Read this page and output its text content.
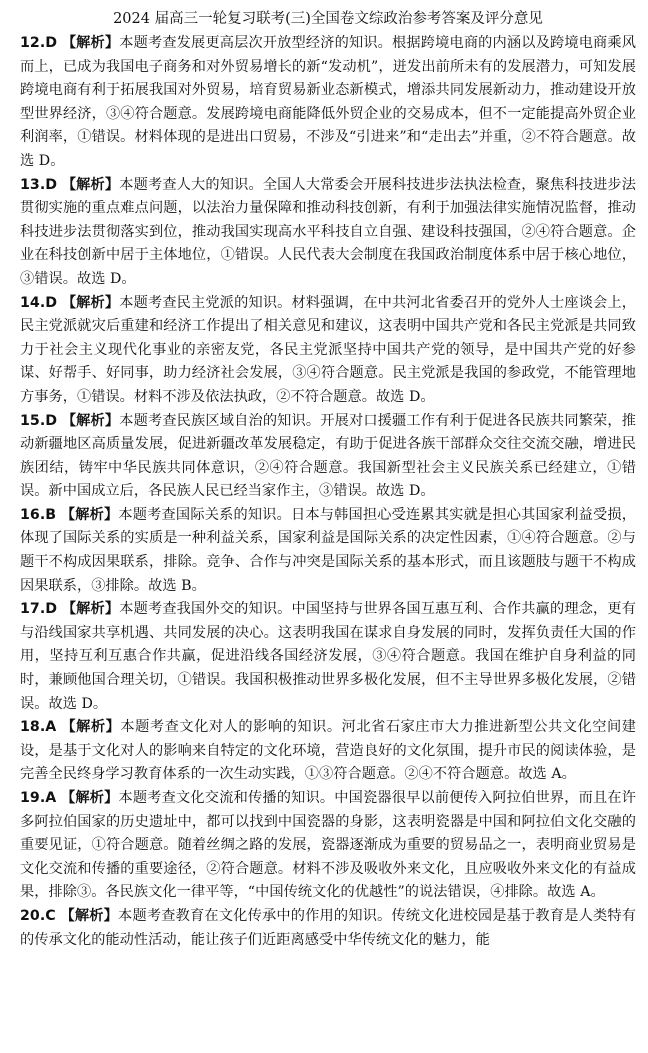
2024 届高三一轮复习联考(三)全国卷文综政治参考答案及评分意见

12.D 【解析】本题考查发展更高层次开放型经济的知识。根据跨境电商的内涵以及跨境电商乘风而上，已成为我国电子商务和对外贸易增长的新“发动机”，迸发出前所未有的发展潜力，可知发展跨境电商有利于拓展我国对外贸易，培育贸易新业态新模式，增添共同发展新动力，推动建设开放型世界经济，③④符合题意。发展跨境电商能降低外贸企业的交易成本，但不一定能提高外贸企业利润率，①错误。材料体现的是进出口贸易，不涉及“引进来”和“走出去”并重，②不符合题意。故选 D。

13.D 【解析】本题考查人大的知识。全国人大常委会开展科技进步法执法检查，聚焦科技进步法贯彻实施的重点难点问题，以法治力量保障和推动科技创新，有利于加强法律实施情况监督，推动科技进步法贯彻落实到位，推动我国实现高水平科技自立自强、建设科技强国，②④符合题意。企业在科技创新中居于主体地位，①错误。人民代表大会制度在我国政治制度体系中居于核心地位，③错误。故选 D。

14.D 【解析】本题考查民主党派的知识。材料强调，在中共河北省委召开的党外人士座谈会上，民主党派就灾后重建和经济工作提出了相关意见和建议，这表明中国共产党和各民主党派是共同致力于社会主义现代化事业的亲密友党，各民主党派坚持中国共产党的领导，是中国共产党的好参谋、好帮手、好同事，助力经济社会发展，③④符合题意。民主党派是我国的参政党，不能管理地方事务，①错误。材料不涉及依法执政，②不符合题意。故选 D。

15.D 【解析】本题考查民族区域自治的知识。开展对口援疆工作有利于促进各民族共同繁荣，推动新疆地区高质量发展，促进新疆改革发展稳定，有助于促进各族干部群众交往交流交融，增进民族团结，铸牢中华民族共同体意识，②④符合题意。我国新型社会主义民族关系已经建立，①错误。新中国成立后，各民族人民已经当家作主，③错误。故选 D。

16.B 【解析】本题考查国际关系的知识。日本与韩国担心受连累其实就是担心其国家利益受损，体现了国际关系的实质是一种利益关系，国家利益是国际关系的决定性因素，①④符合题意。②与题干不构成因果联系，排除。竞争、合作与冲突是国际关系的基本形式，而且该题肢与题干不构成因果联系，③排除。故选 B。

17.D 【解析】本题考查我国外交的知识。中国坚持与世界各国互惠互利、合作共赢的理念，更有与沿线国家共享机遇、共同发展的决心。这表明我国在谋求自身发展的同时，发挥负责任大国的作用，坚持互利互惠合作共赢，促进沿线各国经济发展，③④符合题意。我国在维护自身利益的同时，兼顾他国合理关切，①错误。我国积极推动世界多极化发展，但不主导世界多极化发展，②错误。故选 D。

18.A 【解析】本题考查文化对人的影响的知识。河北省石家庄市大力推进新型公共文化空间建设，是基于文化对人的影响来自特定的文化环境，营造良好的文化氛围，提升市民的阅读体验，是完善全民终身学习教育体系的一次生动实践，①③符合题意。②④不符合题意。故选 A。

19.A 【解析】本题考查文化交流和传播的知识。中国瓷器很早以前便传入阿拉伯世界，而且在许多阿拉伯国家的历史遗址中，都可以找到中国瓷器的身影，这表明瓷器是中国和阿拉伯文化交融的重要见证，①符合题意。随着丝绸之路的发展，瓷器逐渐成为重要的贸易品之一，表明商业贸易是文化交流和传播的重要途径，②符合题意。材料不涉及吸收外来文化，且应吸收外来文化的有益成果，排除③。各民族文化一律平等，“中国传统文化的优越性”的说法错误，④排除。故选 A。

20.C 【解析】本题考查教育在文化传承中的作用的知识。传统文化进校园是基于教育是人类特有的传承文化的能动性活动，能让孩子们近距离感受中华传统文化的魅力，能
